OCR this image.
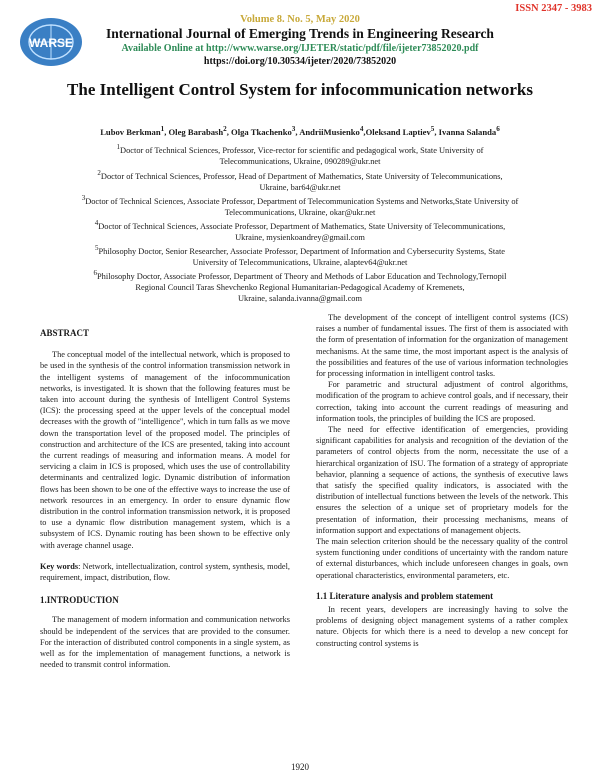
ISSN 2347 - 3983
WARSE
Volume 8. No. 5, May 2020
International Journal of Emerging Trends in Engineering Research
Available Online at http://www.warse.org/IJETER/static/pdf/file/ijeter73852020.pdf
https://doi.org/10.30534/ijeter/2020/73852020
The Intelligent Control System for infocommunication networks
Lubov Berkman$^1$, Oleg Barabash$^2$, Olga Tkachenko$^3$, AndriiMusienko$^4$,Oleksand Laptiev$^5$, Ivanna Salanda$^6$
$^1$Doctor of Technical Sciences, Professor, Vice-rector for scientific and pedagogical work, State University of
Telecommunications, Ukraine, 090289@ukr.net
$^2$Doctor of Technical Sciences, Professor, Head of Department of Mathematics, State University of Telecommunications,
Ukraine, bar64@ukr.net
$^3$Doctor of Technical Sciences, Associate Professor, Department of Telecommunication Systems and Networks,State University of
Telecommunications, Ukraine, okar@ukr.net
$^4$Doctor of Technical Sciences, Associate Professor, Department of Mathematics, State University of Telecommunications,
Ukraine, mysienkoandrey@gmail.com
$^5$Philosophy Doctor, Senior Researcher, Associate Professor, Department of Information and Cybersecurity Systems, State
University of Telecommunications, Ukraine, alaptev64@ukr.net
$^6$Philosophy Doctor, Associate Professor, Department of Theory and Methods of Labor Education and Technology,Ternopil
Regional Council Taras Shevchenko Regional Humanitarian-Pedagogical Academy of Kremenets,
Ukraine, salanda.ivanna@gmail.com
ABSTRACT

The conceptual model of the intellectual network, which is proposed to be used in the synthesis of the control information transmission network in the intelligent systems of management of the infocommunication networks, is investigated. It is shown that the following features must be taken into account during the synthesis of Intelligent Control Systems (ICS): the processing speed at the upper levels of the conceptual model decreases with the growth of "intelligence", which in turn falls as we move down the transportation level of the proposed model. The principles of construction and architecture of the ICS are presented, taking into account the current readings of measuring and information means. A model for servicing a claim in ICS is proposed, which uses the use of controllability determinants and centralized logic. Dynamic distribution of information flows has been shown to be one of the effective ways to increase the use of network resources in an emergency. In order to ensure dynamic flow distribution in the control information transmission network, it is proposed to use a dynamic flow distribution management system, which is a subsystem of ICS. Dynamic routing has been shown to be effective only with average channel usage.

Key words: Network, intellectualization, control system, synthesis, model, requirement, impact, distribution, flow.

1.INTRODUCTION

The management of modern information and communication networks should be independent of the services that are provided to the consumer. For the interaction of distributed control components in a single system, as well as for the implementation of management functions, a network is needed to transmit control information.

The development of the concept of intelligent control systems (ICS) raises a number of fundamental issues. The first of them is associated with the form of presentation of information for the organization of management mechanisms. At the same time, the most important aspect is the analysis of the possibilities and features of the use of various information technologies for processing information in intelligent control tasks.

For parametric and structural adjustment of control algorithms, modification of the program to achieve control goals, and if necessary, their correction, taking into account the current readings of measuring and information tools, the principles of building the ICS are proposed.

The need for effective identification of emergencies, providing significant capabilities for analysis and recognition of the deviation of the parameters of control objects from the norm, necessitate the use of a hierarchical organization of ISU. The formation of a strategy of appropriate behavior, planning a sequence of actions, the synthesis of executive laws that satisfy the specified quality indicators, is associated with the distribution of intellectual functions between the levels of the network. This ensures the selection of a unique set of proprietary models for the presentation of information, their processing mechanisms, means of information support and expectations of management objects.

The main selection criterion should be the necessary quality of the control system functioning under conditions of uncertainty with the random nature of external disturbances, which include unforeseen changes in goals, own operational characteristics, environmental parameters, etc.

1.1 Literature analysis and problem statement

In recent years, developers are increasingly having to solve the problems of designing object management systems of a rather complex nature. Objects for which there is a need to develop a new concept for constructing control systems is

1920
